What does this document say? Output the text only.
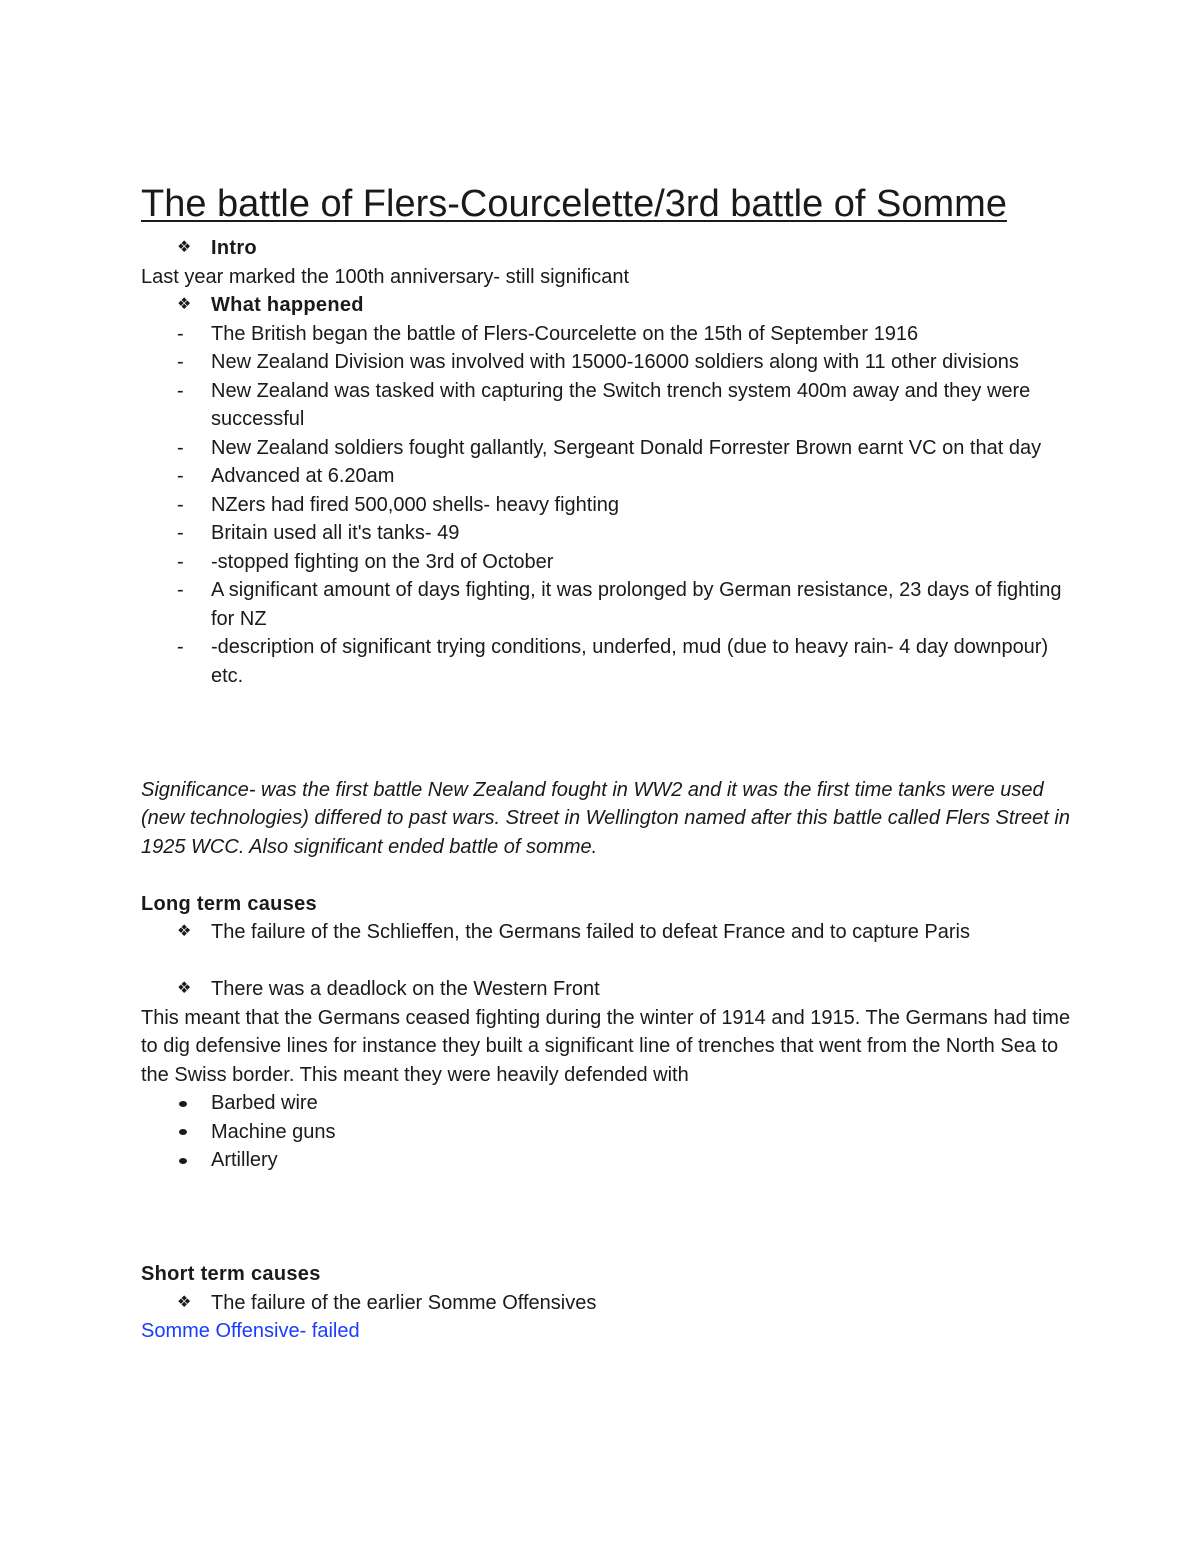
The battle of Flers-Courcelette/3rd battle of Somme
❖ Intro
Last year marked the 100th anniversary- still significant
❖ What happened
-	The British began the battle of Flers-Courcelette on the 15th of September 1916
-	New Zealand Division was involved with 15000-16000 soldiers along with 11 other divisions
-	New Zealand was tasked with capturing the Switch trench system 400m away and they were successful
-	New Zealand soldiers fought gallantly, Sergeant Donald Forrester Brown earnt VC on that day
-	Advanced at 6.20am
-	NZers had fired 500,000 shells- heavy fighting
-	Britain used all it's tanks- 49
-	-stopped fighting on the 3rd of October
-	A significant amount of days fighting, it was prolonged by German resistance, 23 days of fighting for NZ
-	-description of significant trying conditions, underfed, mud (due to heavy rain- 4 day downpour) etc.
Significance- was the first battle New Zealand fought in WW2 and it was the first time tanks were used (new technologies) differed to past wars. Street in Wellington named after this battle called Flers Street in 1925 WCC. Also significant ended battle of somme.
Long term causes
❖ The failure of the Schlieffen, the Germans failed to defeat France and to capture Paris
❖ There was a deadlock on the Western Front
This meant that the Germans ceased fighting during the winter of 1914 and 1915. The Germans had time to dig defensive lines for instance they built a significant line of trenches that went from the North Sea to the Swiss border. This meant they were heavily defended with
Barbed wire
Machine guns
Artillery
Short term causes
❖ The failure of the earlier Somme Offensives
Somme Offensive- failed
